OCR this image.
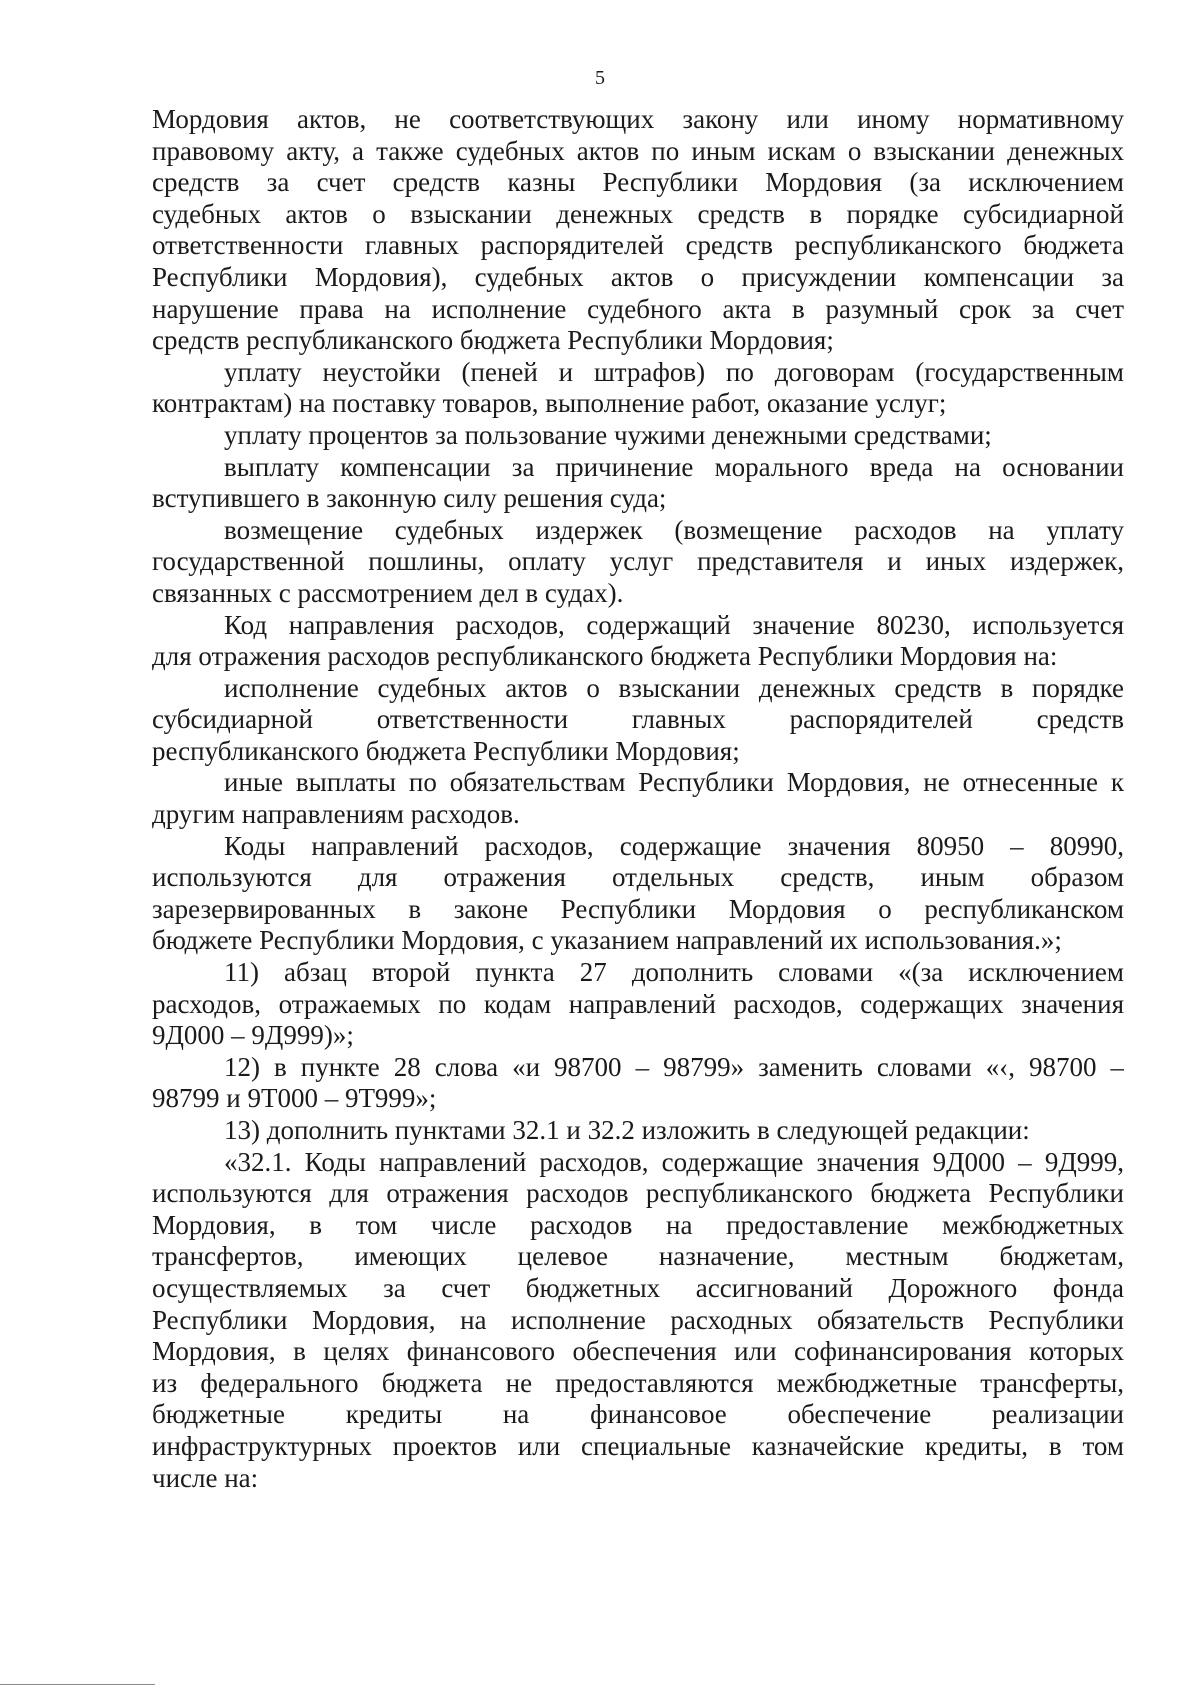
5
Мордовия актов, не соответствующих закону или иному нормативному
правовому акту, а также судебных актов по иным искам о взыскании денежных
средств за счет средств казны Республики Мордовия (за исключением
судебных актов о взыскании денежных средств в порядке субсидиарной
ответственности главных распорядителей средств республиканского бюджета
Республики Мордовия), судебных актов о присуждении компенсации за
нарушение права на исполнение судебного акта в разумный срок за счет
средств республиканского бюджета Республики Мордовия;
уплату неустойки (пеней и штрафов) по договорам (государственным
контрактам) на поставку товаров, выполнение работ, оказание услуг;
уплату процентов за пользование чужими денежными средствами;
выплату компенсации за причинение морального вреда на основании
вступившего в законную силу решения суда;
возмещение судебных издержек (возмещение расходов на уплату
государственной пошлины, оплату услуг представителя и иных издержек,
связанных с рассмотрением дел в судах).
Код направления расходов, содержащий значение 80230, используется
для отражения расходов республиканского бюджета Республики Мордовия на:
исполнение судебных актов о взыскании денежных средств в порядке
субсидиарной ответственности главных распорядителей средств
республиканского бюджета Республики Мордовия;
иные выплаты по обязательствам Республики Мордовия, не отнесенные к
другим направлениям расходов.
Коды направлений расходов, содержащие значения 80950 – 80990,
используются для отражения отдельных средств, иным образом
зарезервированных в законе Республики Мордовия о республиканском
бюджете Республики Мордовия, с указанием направлений их использования.»;
11) абзац второй пункта 27 дополнить словами «(за исключением
расходов, отражаемых по кодам направлений расходов, содержащих значения
9Д000 – 9Д999)»;
12) в пункте 28 слова «и 98700 – 98799» заменить словами «‹, 98700 –
98799 и 9Т000 – 9Т999»;
13) дополнить пунктами 32.1 и 32.2 изложить в следующей редакции:
«32.1. Коды направлений расходов, содержащие значения 9Д000 – 9Д999,
используются для отражения расходов республиканского бюджета Республики
Мордовия, в том числе расходов на предоставление межбюджетных
трансфертов, имеющих целевое назначение, местным бюджетам,
осуществляемых за счет бюджетных ассигнований Дорожного фонда
Республики Мордовия, на исполнение расходных обязательств Республики
Мордовия, в целях финансового обеспечения или софинансирования которых
из федерального бюджета не предоставляются межбюджетные трансферты,
бюджетные кредиты на финансовое обеспечение реализации
инфраструктурных проектов или специальные казначейские кредиты, в том
числе на:
